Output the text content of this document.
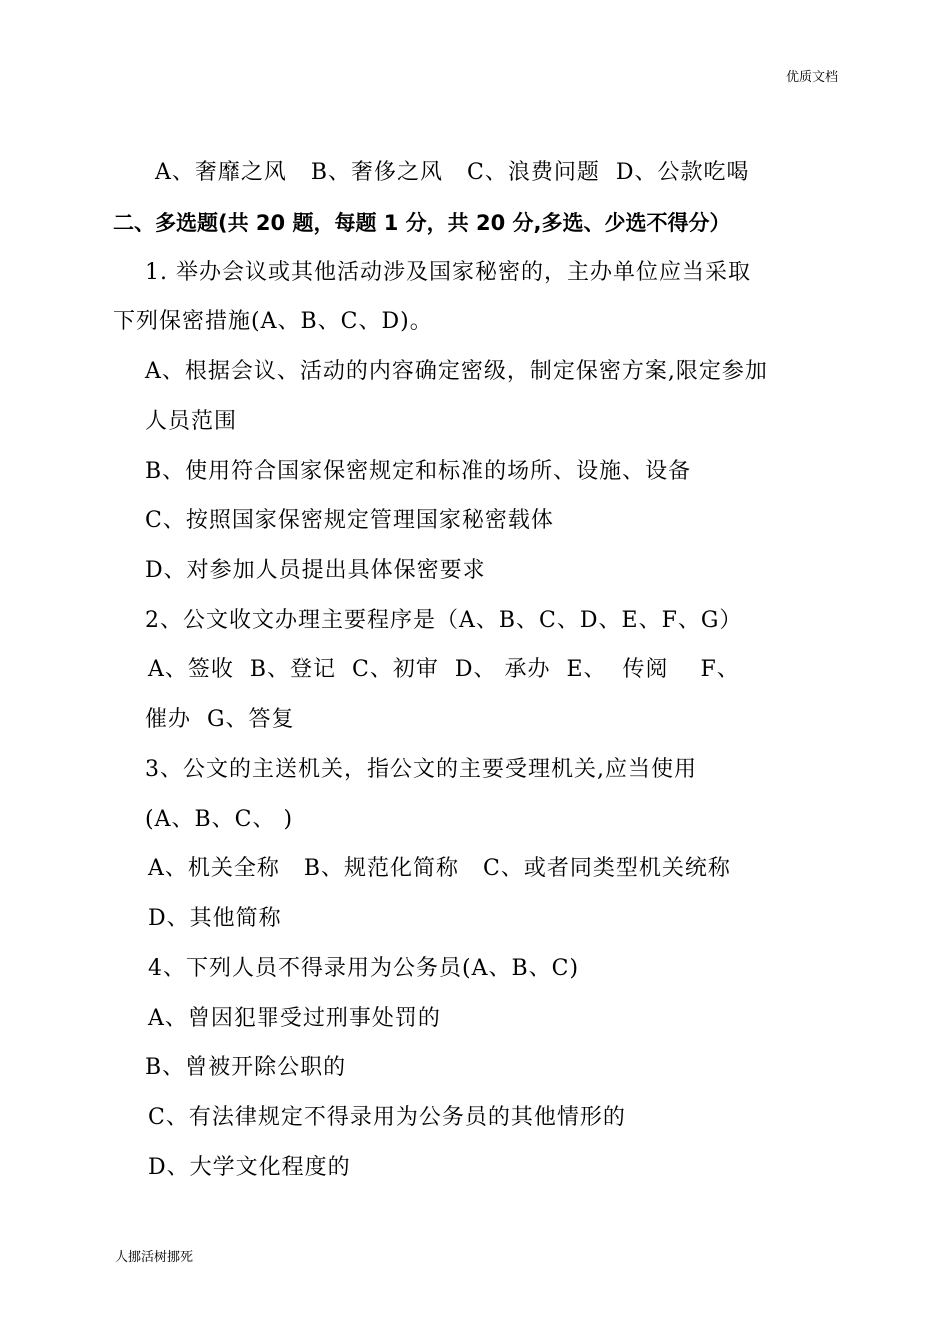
优质文档
A、奢靡之风   B、奢侈之风   C、浪费问题  D、公款吃喝
二、多选题(共 20 题，每题 1 分，共 20 分,多选、少选不得分）
1. 举办会议或其他活动涉及国家秘密的，主办单位应当采取
下列保密措施(A、B、C、D)。
A、根据会议、活动的内容确定密级，制定保密方案,限定参加
人员范围
B、使用符合国家保密规定和标准的场所、设施、设备
C、按照国家保密规定管理国家秘密载体
D、对参加人员提出具体保密要求
2、公文收文办理主要程序是（A、B、C、D、E、F、G）
A、签收  B、登记  C、初审  D、 承办  E、  传阅    F、
催办  G、答复
3、公文的主送机关，指公文的主要受理机关,应当使用
(A、B、C、 )
A、机关全称   B、规范化简称   C、或者同类型机关统称
D、其他简称
4、下列人员不得录用为公务员(A、B、C)
A、曾因犯罪受过刑事处罚的
B、曾被开除公职的
C、有法律规定不得录用为公务员的其他情形的
D、大学文化程度的
人挪活树挪死
